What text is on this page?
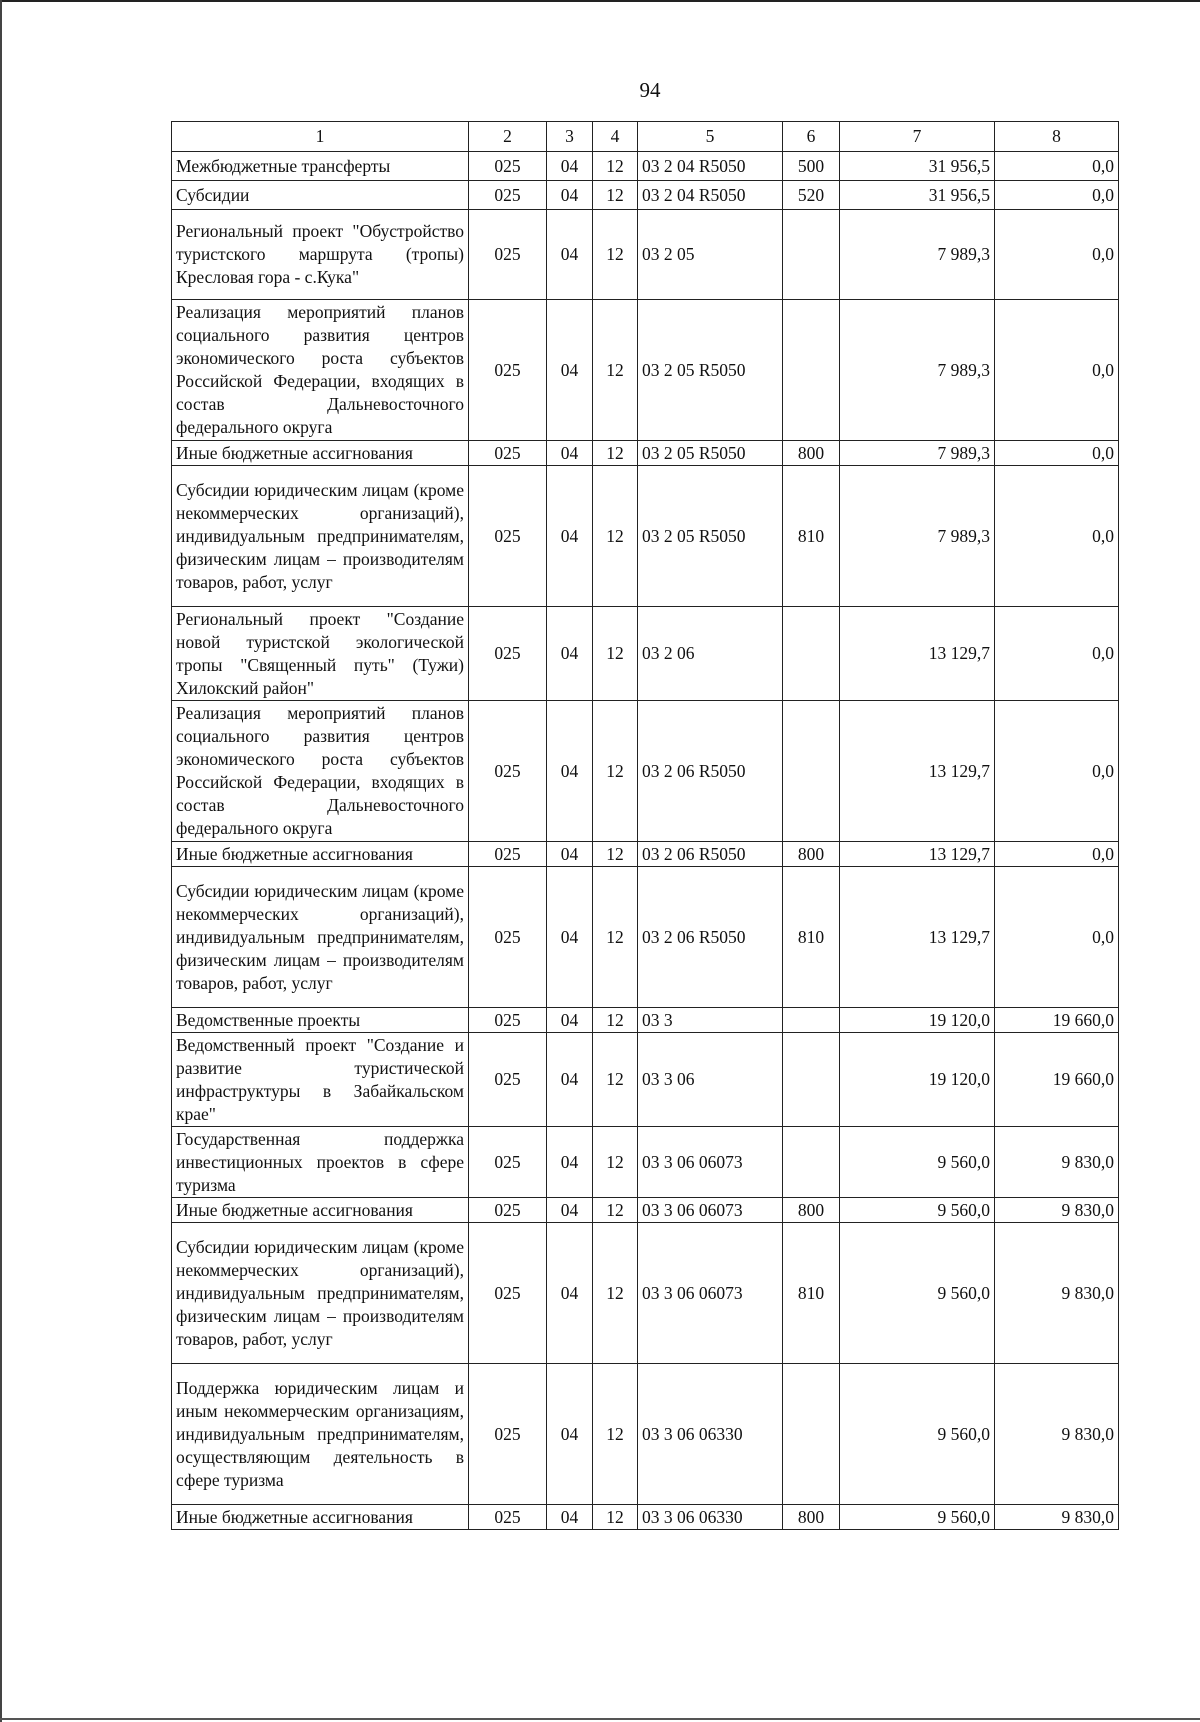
94
1	2	3	4	5	6	7	8
Межбюджетные трансферты	025	04	12	03 2 04 R5050	500	31 956,5	0,0
Субсидии	025	04	12	03 2 04 R5050	520	31 956,5	0,0
Региональный проект "Обустройство туристского маршрута (тропы) Кресловая гора - с.Кука"	025	04	12	03 2 05		7 989,3	0,0
Реализация мероприятий планов социального развития центров экономического роста субъектов Российской Федерации, входящих в состав Дальневосточного федерального округа	025	04	12	03 2 05 R5050		7 989,3	0,0
Иные бюджетные ассигнования	025	04	12	03 2 05 R5050	800	7 989,3	0,0
Субсидии юридическим лицам (кроме некоммерческих организаций), индивидуальным предпринимателям, физическим лицам – производителям товаров, работ, услуг	025	04	12	03 2 05 R5050	810	7 989,3	0,0
Региональный проект "Создание новой туристской экологической тропы "Священный путь" (Тужи) Хилокский район"	025	04	12	03 2 06		13 129,7	0,0
Реализация мероприятий планов социального развития центров экономического роста субъектов Российской Федерации, входящих в состав Дальневосточного федерального округа	025	04	12	03 2 06 R5050		13 129,7	0,0
Иные бюджетные ассигнования	025	04	12	03 2 06 R5050	800	13 129,7	0,0
Субсидии юридическим лицам (кроме некоммерческих организаций), индивидуальным предпринимателям, физическим лицам – производителям товаров, работ, услуг	025	04	12	03 2 06 R5050	810	13 129,7	0,0
Ведомственные проекты	025	04	12	03 3		19 120,0	19 660,0
Ведомственный проект "Создание и развитие туристической инфраструктуры в Забайкальском крае"	025	04	12	03 3 06		19 120,0	19 660,0
Государственная поддержка инвестиционных проектов в сфере туризма	025	04	12	03 3 06 06073		9 560,0	9 830,0
Иные бюджетные ассигнования	025	04	12	03 3 06 06073	800	9 560,0	9 830,0
Субсидии юридическим лицам (кроме некоммерческих организаций), индивидуальным предпринимателям, физическим лицам – производителям товаров, работ, услуг	025	04	12	03 3 06 06073	810	9 560,0	9 830,0
Поддержка юридическим лицам и иным некоммерческим организациям, индивидуальным предпринимателям, осуществляющим деятельность в сфере туризма	025	04	12	03 3 06 06330		9 560,0	9 830,0
Иные бюджетные ассигнования	025	04	12	03 3 06 06330	800	9 560,0	9 830,0
